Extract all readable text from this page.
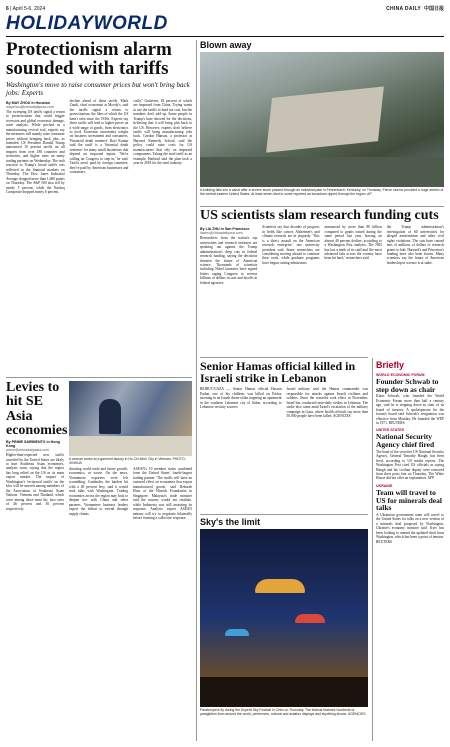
6 | April 5-6, 2024	CHINA DAILY 中国日报
HOLIDAYWORLD
Protectionism alarm sounded with tariffs

Washington's move to raise consumer prices but won't bring back jobs: Experts

By MAY ZHOU in Houston
mayzhou@chinadailyusa.com

The sweeping US tariffs signal a return to protectionism that could trigger recession and global economic damage, warn analysts. While pitched as a manufacturing revival tool, experts say the measures will mainly raise consumer prices without bringing back jobs, as intended. US President Donald Trump announced 10 percent tariffs on all imports from over 180 countries and territories, and higher rates on many trading partners on Wednesday. The rash reaction to Trump's broad tariffs was reflected in the financial markets on Thursday. The Dow Jones Industrial Average dropped more than 1,600 points on Thursday. The S&P 500 also fell by nearly 5 percent, while the Nasdaq Composite dropped nearly 6 percent.

decline ahead of these tariffs. Mark Zandi, chief economist at Moody's, said the tariffs signal a return to protectionism, the likes of which the US hasn't seen since the 1930s. Experts say these tariffs will lead to higher prices on a wide range of goods, from electronics to food. Economic uncertainty weighs on business investment and consumers. 'Financial death sentence' Ravi Kumar said the tariff is a 'financial death sentence' for many small businesses that depend on imported inputs. 'We're calling on Congress to step in,' he said. Tariffs aren't paid by foreign countries; they're paid by American businesses and consumers.

cially" Gutierrez, 82 percent of which are imported from China. Trying wants to use the tariffs to fund tax cuts, but the numbers don't add up. Some people in Trump's base showed for the decisions, believing that it will bring jobs back to the US. However, experts don't believe tariffs will bring manufacturing jobs back. Gordon Hanson, a professor at Harvard Kennedy School, said the policy could raise costs for US manufacturers that rely on imported components. Taking the steel tariff as an example, Harlund said the plan took a year in 2018 for the steel industry.

Levies to hit SE Asia economies
By PRIME SARMIENTO in Hong Kong
prime@chinadailyasia.com

Higher-than-expected new tariffs unveiled by the United States are likely to hurt Southeast Asian economies, analysts warn, saying that the region has long relied on the US as its main export market. The impact of Washington's 'reciprocal tariffs' on the bloc will be uneven among members of the Association of Southeast Asian Nations. Vietnam and Thailand, which were among those most hit, face rates of 46 percent and 36 percent respectively.

A woman works at a garment factory in Ho Chi Minh City in Vietnam. PHOTO: XINHUA

dictating world trade and future growth, economics, or worse. On the news, Vietnamese exporters were left scrambling. Cambodia, the hardest hit with a 49 percent levy, said it would seek talks with Washington. Trading economies across the region may look to deepen ties with China and other partners. Vietnamese business leaders expect the fallout to extend through supply chains.

ASEAN's 10 member states combined form the United States' fourth-largest trading partner. 'The tariffs will have an outsized effect on economies that export manufactured goods,' said Deborah Elms of the Hinrich Foundation in Singapore. Malaysia's trade minister said the country would not retaliate, while Indonesia was still assessing its response. Analysts expect ASEAN nations will try to negotiate bilaterally before forming a collective response.

Blown away

A building falls into a canal after a severe storm passed through an industrial park in Fehrenbach, Kentucky, on Thursday. Fierce storms provided a huge stretch of the central eastern United States. At least seven died in some reported as tornadoes ripped through the region. AP

US scientists slam research funding cuts
By LIA ZHU in San Francisco
liazhu@chinadailyusa.com

Researchers from the nation's top universities and research institutes are speaking out against the Trump administration's deep cuts in federal research funding, saying the decisions threaten the future of American science. Thousands of scientists including Nobel laureates have signed letters urging Congress to reverse billions of dollars in cuts and layoffs at federal agencies.

Scientists say that decades of progress in fields like cancer, Alzheimer's and climate research are in jeopardy. 'This is a direct assault on the American research enterprise,' one university president said. Some researchers are considering moving abroad to continue their work, while graduate programs have begun cutting admissions.

announced by more than 80 billion compared to grants issued during the same period last year, leaving an almost 40 percent decline, according to a Washington Post analysis. The NIH has lost a tenth of its staff and 'the most advanced labs across the country have been hit hard,' researchers said.

the Trump administration's investigation of 60 universities for alleged antisemitism and other civil rights violations. The cuts have caused tens of millions of dollars of research grants to halt. Harvard's and Princeton's funding have also been frozen. Many scientists say the future of American leadership in science is at stake.

Senior Hamas official killed in Israeli strike in Lebanon

BEIRUT/GAZA — Senior Hamas official Hassan Farhat, one of his children, was killed on Friday morning in an Israeli drone strike targeting an apartment in the southern Lebanese city of Sidon, according to Lebanese security sources.

Israeli military said the Hamas commander was responsible for attacks against Israeli civilians and soldiers. Since the ceasefire took effect in November, Israel has conducted near-daily strikes in Lebanon. The strike also came amid Israel's escalation of the military campaign in Gaza, where health officials say more than 50,000 people have been killed. AGENCIES

Sky's the limit

Paratroopers fly during the Super8 Sky Festival in Cebu on Thursday. The festival features hundreds of paragliders from around the world, performers, cultural and aviation displays and skydiving shows. AGENCIES

Briefly

WORLD ECONOMIC FORUM

Founder Schwab to step down as chair

Klaus Schwab, who founded the World Economic Forum more than half a century ago, said he is stepping down as chair of its board of trustees. A spokesperson for the forum's board said Schwab's resignation was effective from Monday. He founded the WEF in 1971. REUTERS

UNITED STATES

National Security Agency chief fired

The head of the secretive US National Security Agency, General Timothy Haugh, has been fired, according to US media reports. The Washington Post cited US officials as saying Haugh and his civilian deputy were removed from their posts late on Thursday. The White House did not offer an explanation. AFP

UKRAINE

Team will travel to US for minerals deal talks

A Ukrainian government team will travel to the United States for talks on a new version of a minerals deal proposed by Washington, Ukraine's economy minister said. Kyiv has been looking to amend the updated draft from Washington, which has been a point of tension. REUTERS
